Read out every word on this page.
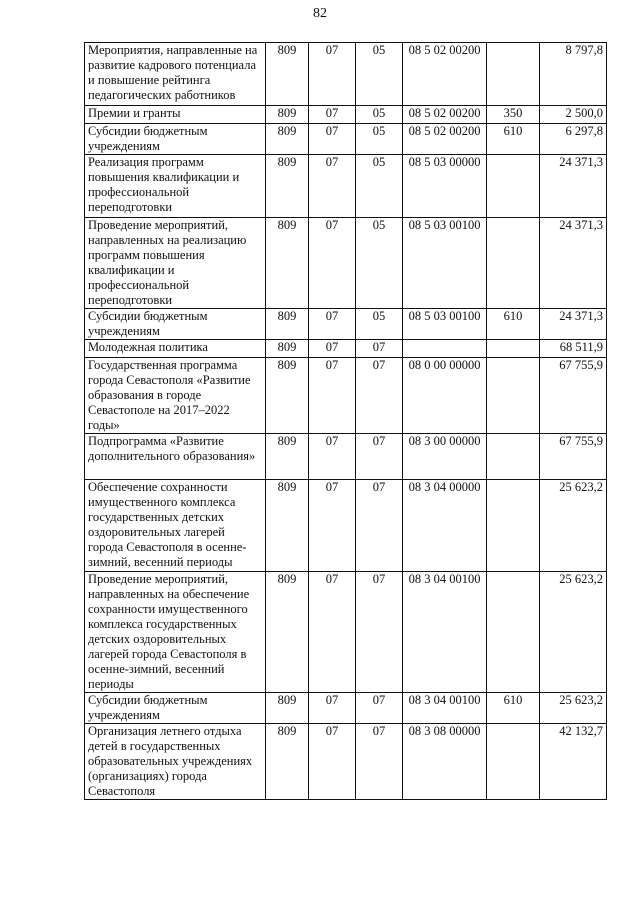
82
Мероприятия, направленные на развитие кадрового потенциала и повышение рейтинга педагогических работников	809	07	05	08 5 02 00200		8 797,8
Премии и гранты	809	07	05	08 5 02 00200	350	2 500,0
Субсидии бюджетным учреждениям	809	07	05	08 5 02 00200	610	6 297,8
Реализация программ повышения квалификации и профессиональной переподготовки	809	07	05	08 5 03 00000		24 371,3
Проведение мероприятий, направленных на реализацию программ повышения квалификации и профессиональной переподготовки	809	07	05	08 5 03 00100		24 371,3
Субсидии бюджетным учреждениям	809	07	05	08 5 03 00100	610	24 371,3
Молодежная политика	809	07	07			68 511,9
Государственная программа города Севастополя «Развитие образования в городе Севастополе на 2017–2022 годы»	809	07	07	08 0 00 00000		67 755,9
Подпрограмма «Развитие дополнительного образования»	809	07	07	08 3 00 00000		67 755,9
Обеспечение сохранности имущественного комплекса государственных детских оздоровительных лагерей города Севастополя в осенне-зимний, весенний периоды	809	07	07	08 3 04 00000		25 623,2
Проведение мероприятий, направленных на обеспечение сохранности имущественного комплекса государственных детских оздоровительных лагерей города Севастополя в осенне-зимний, весенний периоды	809	07	07	08 3 04 00100		25 623,2
Субсидии бюджетным учреждениям	809	07	07	08 3 04 00100	610	25 623,2
Организация летнего отдыха детей в государственных образовательных учреждениях (организациях) города Севастополя	809	07	07	08 3 08 00000		42 132,7
